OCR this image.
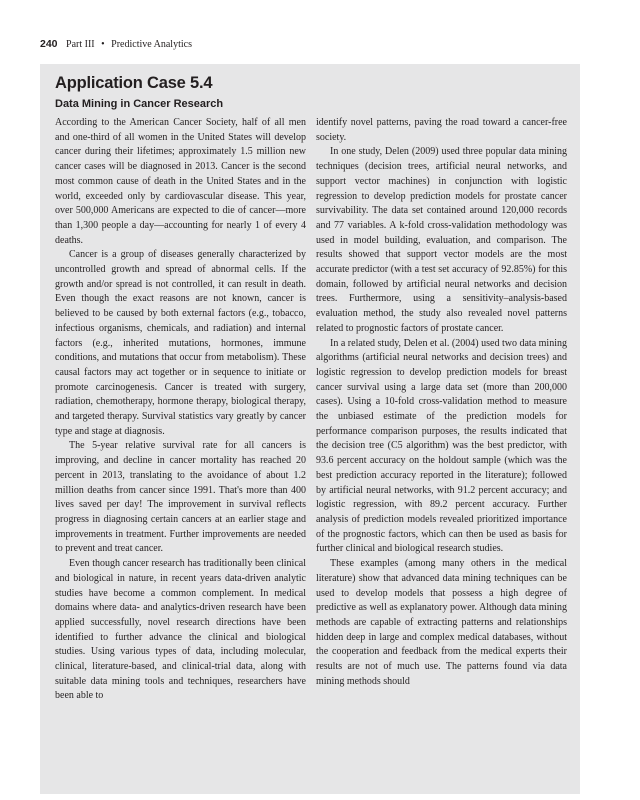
240 Part III • Predictive Analytics
Application Case 5.4
Data Mining in Cancer Research

According to the American Cancer Society, half of all men and one-third of all women in the United States will develop cancer during their lifetimes; approximately 1.5 million new cancer cases will be diagnosed in 2013. Cancer is the second most common cause of death in the United States and in the world, exceeded only by cardiovascular disease. This year, over 500,000 Americans are expected to die of cancer—more than 1,300 people a day—accounting for nearly 1 of every 4 deaths.

Cancer is a group of diseases generally characterized by uncontrolled growth and spread of abnormal cells. If the growth and/or spread is not controlled, it can result in death. Even though the exact reasons are not known, cancer is believed to be caused by both external factors (e.g., tobacco, infectious organisms, chemicals, and radiation) and internal factors (e.g., inherited mutations, hormones, immune conditions, and mutations that occur from metabolism). These causal factors may act together or in sequence to initiate or promote carcinogenesis. Cancer is treated with surgery, radiation, chemotherapy, hormone therapy, biological therapy, and targeted therapy. Survival statistics vary greatly by cancer type and stage at diagnosis.

The 5-year relative survival rate for all cancers is improving, and decline in cancer mortality has reached 20 percent in 2013, translating to the avoidance of about 1.2 million deaths from cancer since 1991. That's more than 400 lives saved per day! The improvement in survival reflects progress in diagnosing certain cancers at an earlier stage and improvements in treatment. Further improvements are needed to prevent and treat cancer.

Even though cancer research has traditionally been clinical and biological in nature, in recent years data-driven analytic studies have become a common complement. In medical domains where data- and analytics-driven research have been applied successfully, novel research directions have been identified to further advance the clinical and biological studies. Using various types of data, including molecular, clinical, literature-based, and clinical-trial data, along with suitable data mining tools and techniques, researchers have been able to

identify novel patterns, paving the road toward a cancer-free society.

In one study, Delen (2009) used three popular data mining techniques (decision trees, artificial neural networks, and support vector machines) in conjunction with logistic regression to develop prediction models for prostate cancer survivability. The data set contained around 120,000 records and 77 variables. A k-fold cross-validation methodology was used in model building, evaluation, and comparison. The results showed that support vector models are the most accurate predictor (with a test set accuracy of 92.85%) for this domain, followed by artificial neural networks and decision trees. Furthermore, using a sensitivity–analysis-based evaluation method, the study also revealed novel patterns related to prognostic factors of prostate cancer.

In a related study, Delen et al. (2004) used two data mining algorithms (artificial neural networks and decision trees) and logistic regression to develop prediction models for breast cancer survival using a large data set (more than 200,000 cases). Using a 10-fold cross-validation method to measure the unbiased estimate of the prediction models for performance comparison purposes, the results indicated that the decision tree (C5 algorithm) was the best predictor, with 93.6 percent accuracy on the holdout sample (which was the best prediction accuracy reported in the literature); followed by artificial neural networks, with 91.2 percent accuracy; and logistic regression, with 89.2 percent accuracy. Further analysis of prediction models revealed prioritized importance of the prognostic factors, which can then be used as basis for further clinical and biological research studies.

These examples (among many others in the medical literature) show that advanced data mining techniques can be used to develop models that possess a high degree of predictive as well as explanatory power. Although data mining methods are capable of extracting patterns and relationships hidden deep in large and complex medical databases, without the cooperation and feedback from the medical experts their results are not of much use. The patterns found via data mining methods should
